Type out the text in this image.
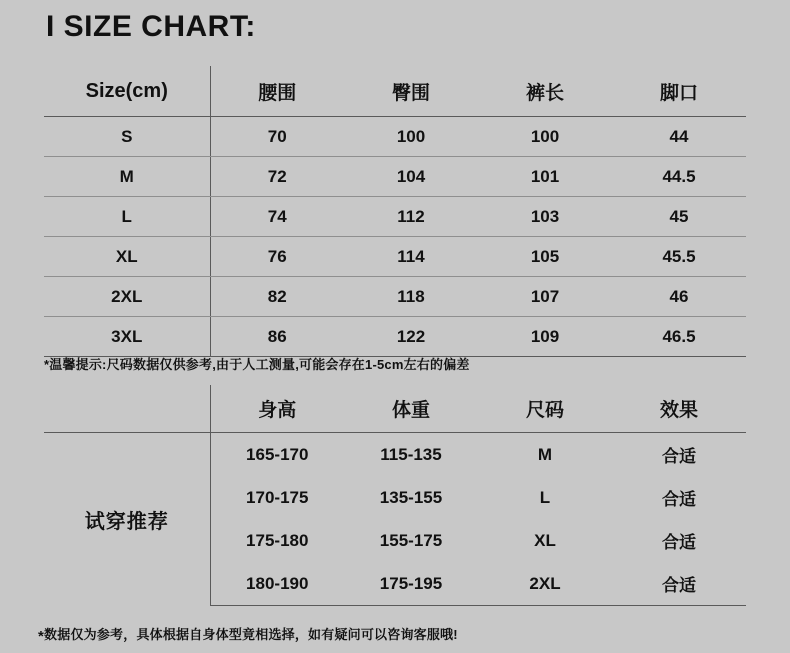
I SIZE CHART:
Size(cm)	腰围	臀围	裤长	脚口
S	70	100	100	44
M	72	104	101	44.5
L	74	112	103	45
XL	76	114	105	45.5
2XL	82	118	107	46
3XL	86	122	109	46.5
*温馨提示:尺码数据仅供参考,由于人工测量,可能会存在1-5cm左右的偏差
	身高	体重	尺码	效果
试穿推荐	165-170	115-135	M	合适
	170-175	135-155	L	合适
	175-180	155-175	XL	合适
	180-190	175-195	2XL	合适
*数据仅为参考，具体根据自身体型竟相选择，如有疑问可以咨询客服哦!
